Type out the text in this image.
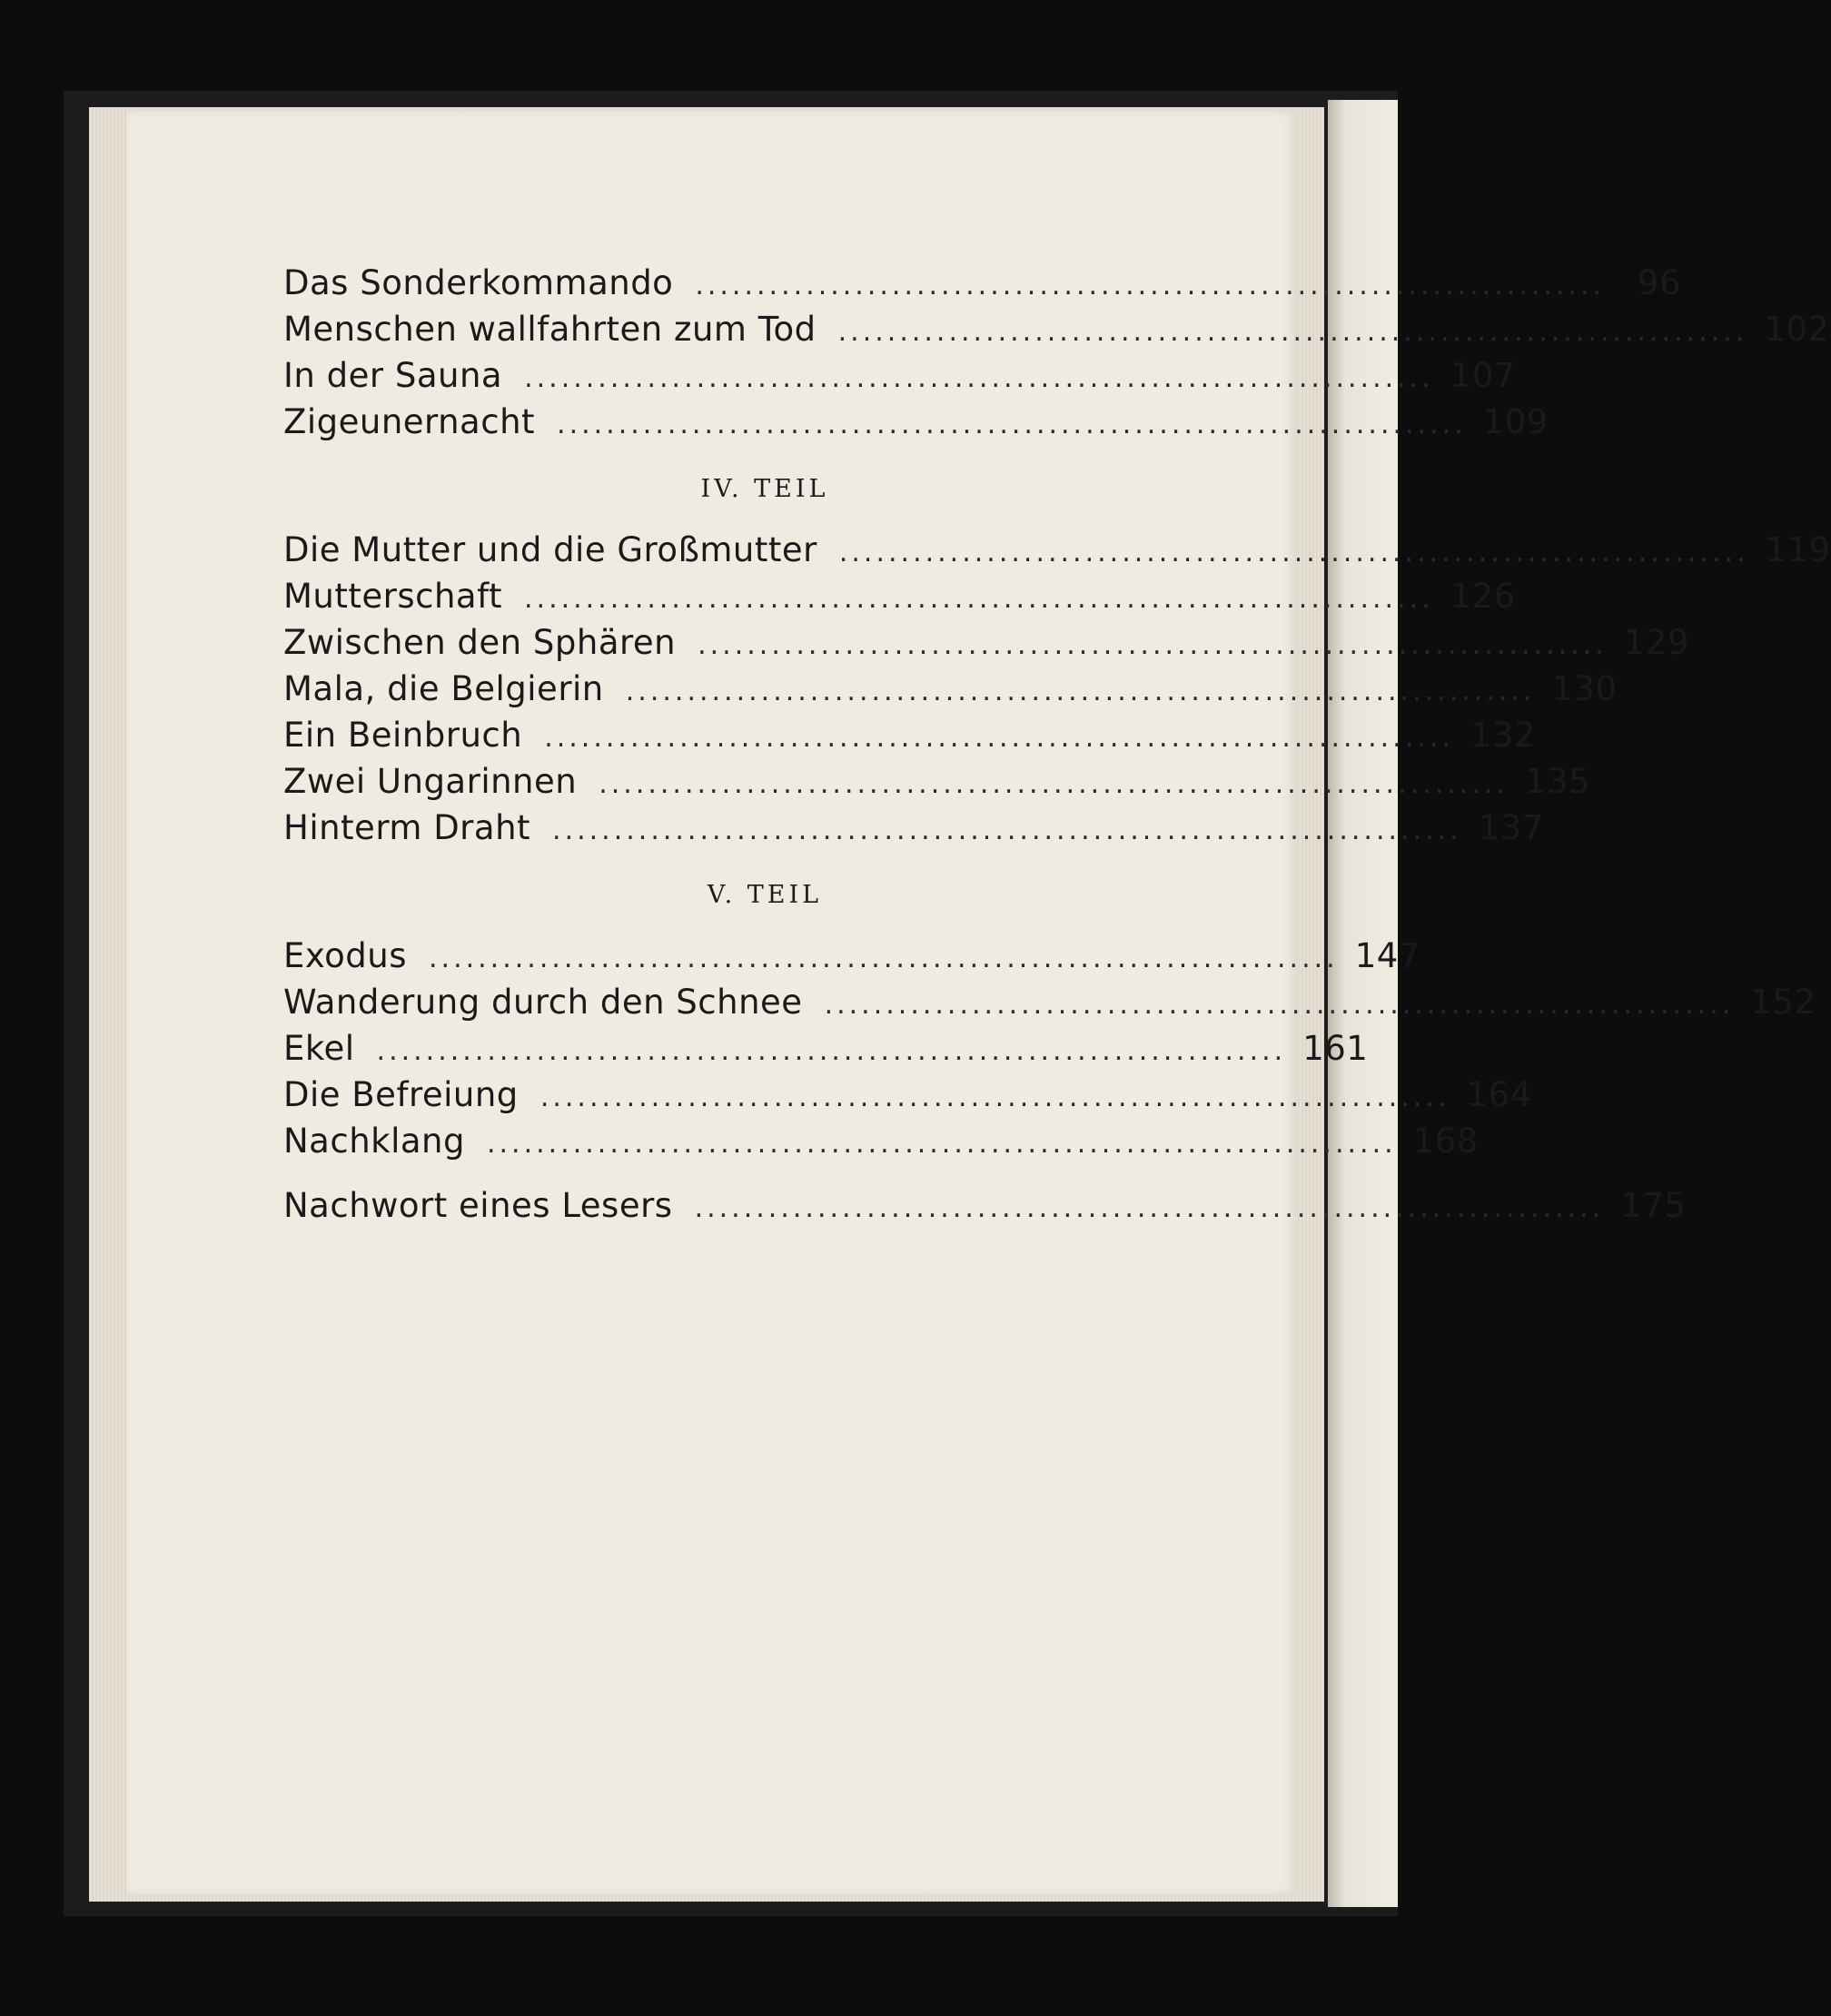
Das Sonderkommando .......................................................................... 96
Menschen wallfahrten zum Tod .......................................................................... 102
In der Sauna .......................................................................... 107
Zigeunernacht .......................................................................... 109
IV. TEIL
Die Mutter und die Großmutter .......................................................................... 119
Mutterschaft .......................................................................... 126
Zwischen den Sphären .......................................................................... 129
Mala, die Belgierin .......................................................................... 130
Ein Beinbruch .......................................................................... 132
Zwei Ungarinnen .......................................................................... 135
Hinterm Draht .......................................................................... 137
V. TEIL
Exodus .......................................................................... 147
Wanderung durch den Schnee .......................................................................... 152
Ekel .......................................................................... 161
Die Befreiung .......................................................................... 164
Nachklang .......................................................................... 168
Nachwort eines Lesers .......................................................................... 175
